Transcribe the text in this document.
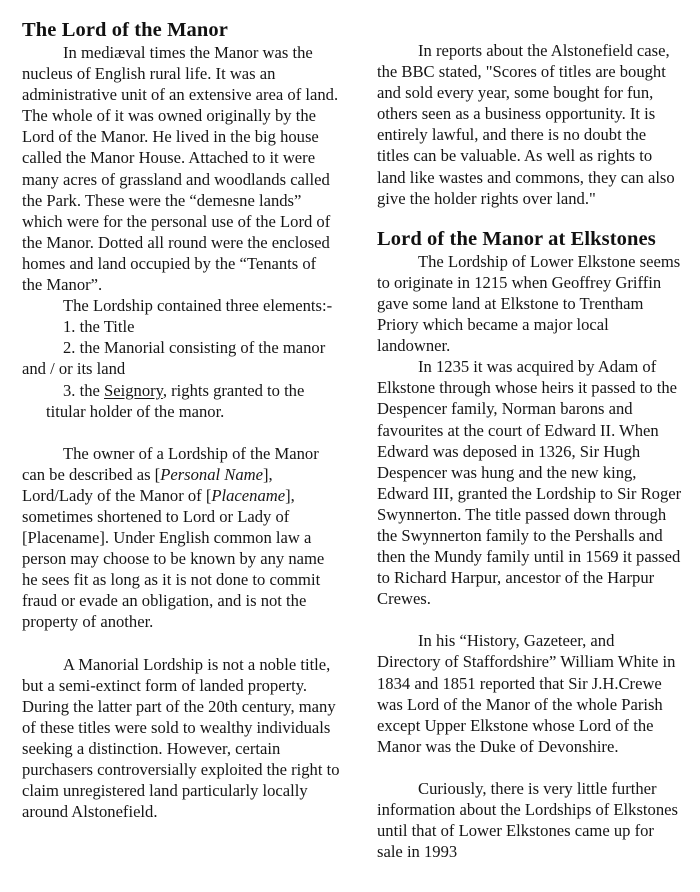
The Lord of the Manor

In mediæval times the Manor was the nucleus of English rural life. It was an administrative unit of an extensive area of land. The whole of it was owned originally by the Lord of the Manor. He lived in the big house called the Manor House. Attached to it were many acres of grassland and woodlands called the Park. These were the “demesne lands” which were for the personal use of the Lord of the Manor. Dotted all round were the enclosed homes and land occupied by the “Tenants of the Manor”.

The Lordship contained three elements:-

1. the Title

2. the Manorial consisting of the manor and / or its land

3. the Seignory, rights granted to the titular holder of the manor.

The owner of a Lordship of the Manor can be described as [Personal Name], Lord/Lady of the Manor of [Placename], sometimes shortened to Lord or Lady of [Placename]. Under English common law a person may choose to be known by any name he sees fit as long as it is not done to commit fraud or evade an obligation, and is not the property of another.

A Manorial Lordship is not a noble title, but a semi-extinct form of landed property. During the latter part of the 20th century, many of these titles were sold to wealthy individuals seeking a distinction. However, certain purchasers controversially exploited the right to claim unregistered land particularly locally around Alstonefield.

In reports about the Alstonefield case, the BBC stated, "Scores of titles are bought and sold every year, some bought for fun, others seen as a business opportunity. It is entirely lawful, and there is no doubt the titles can be valuable. As well as rights to land like wastes and commons, they can also give the holder rights over land."

Lord of the Manor at Elkstones

The Lordship of Lower Elkstone seems to originate in 1215 when Geoffrey Griffin gave some land at Elkstone to Trentham Priory which became a major local landowner.

In 1235 it was acquired by Adam of Elkstone through whose heirs it passed to the Despencer family, Norman barons and favourites at the court of Edward II. When Edward was deposed in 1326, Sir Hugh Despencer was hung and the new king, Edward III, granted the Lordship to Sir Roger Swynnerton. The title passed down through the Swynnerton family to the Pershalls and then the Mundy family until in 1569 it passed to Richard Harpur, ancestor of the Harpur Crewes.

In his “History, Gazeteer, and Directory of Staffordshire” William White in 1834 and 1851 reported that Sir J.H.Crewe was Lord of the Manor of the whole Parish except Upper Elkstone whose Lord of the Manor was the Duke of Devonshire.

Curiously, there is very little further information about the Lordships of Elkstones until that of Lower Elkstones came up for sale in 1993
